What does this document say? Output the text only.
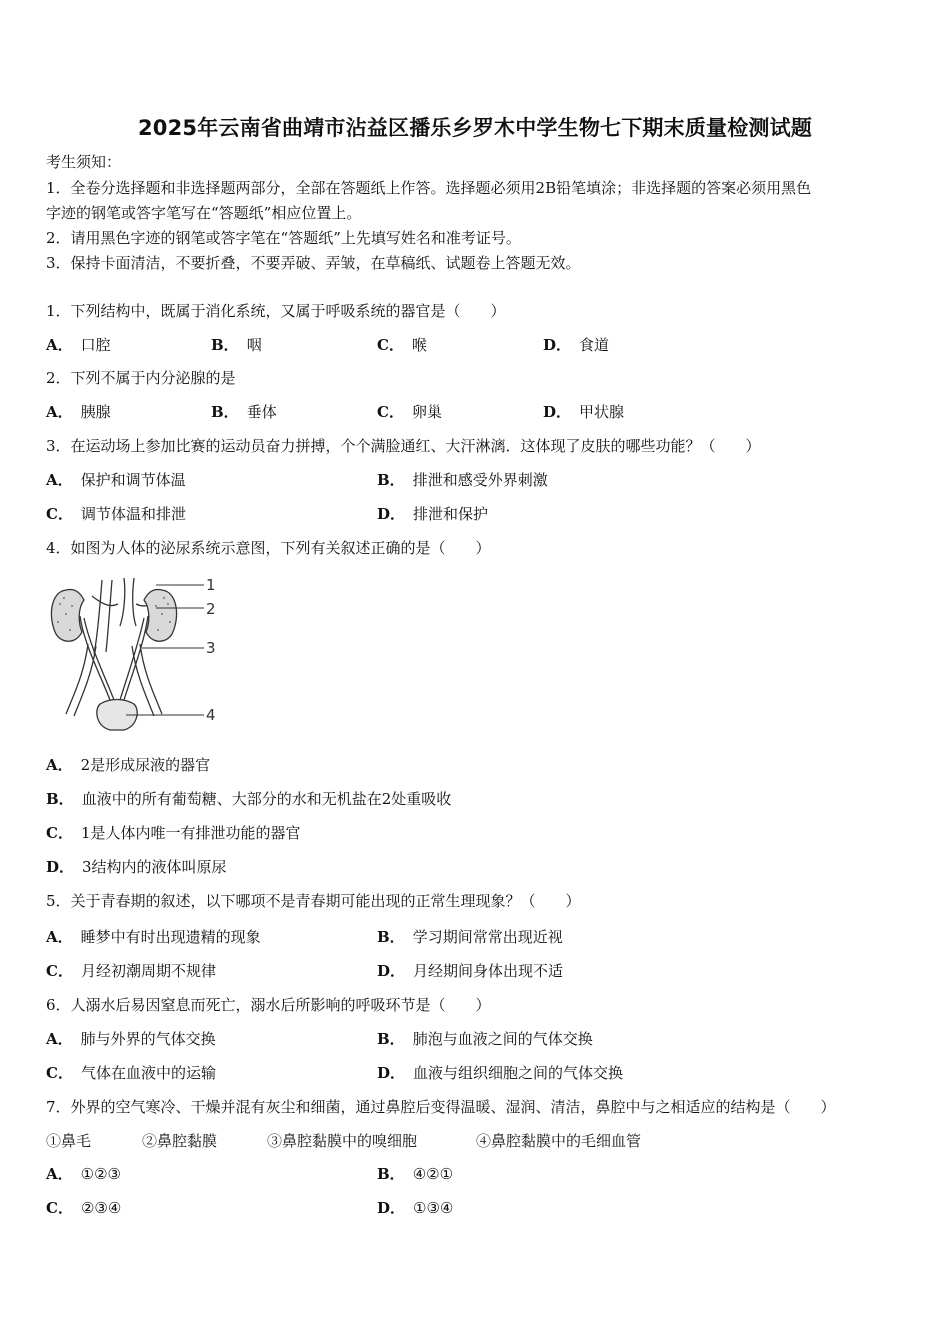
2025年云南省曲靖市沾益区播乐乡罗木中学生物七下期末质量检测试题
考生须知：
1．全卷分选择题和非选择题两部分，全部在答题纸上作答。选择题必须用2B铅笔填涂；非选择题的答案必须用黑色
字迹的钢笔或答字笔写在“答题纸”相应位置上。
2．请用黑色字迹的钢笔或答字笔在“答题纸”上先填写姓名和准考证号。
3．保持卡面清洁，不要折叠，不要弄破、弄皱，在草稿纸、试题卷上答题无效。
1．下列结构中，既属于消化系统，又属于呼吸系统的器官是（　　）
A． 口腔	B． 咽	C． 喉	D． 食道
2．下列不属于内分泌腺的是
A． 胰腺	B． 垂体	C． 卵巢	D． 甲状腺
3．在运动场上参加比赛的运动员奋力拼搏，个个满脸通红、大汗淋漓．这体现了皮肤的哪些功能？（　　）
A． 保护和调节体温	B． 排泄和感受外界刺激
C． 调节体温和排泄	D． 排泄和保护
4．如图为人体的泌尿系统示意图，下列有关叙述正确的是（　　）
1
2
3
4
A． 2是形成尿液的器官
B． 血液中的所有葡萄糖、大部分的水和无机盐在2处重吸收
C． 1是人体内唯一有排泄功能的器官
D． 3结构内的液体叫原尿
5．关于青春期的叙述，以下哪项不是青春期可能出现的正常生理现象？（　　）
A． 睡梦中有时出现遗精的现象	B． 学习期间常常出现近视
C． 月经初潮周期不规律	D． 月经期间身体出现不适
6．人溺水后易因窒息而死亡，溺水后所影响的呼吸环节是（　　）
A． 肺与外界的气体交换	B． 肺泡与血液之间的气体交换
C． 气体在血液中的运输	D． 血液与组织细胞之间的气体交换
7．外界的空气寒冷、干燥并混有灰尘和细菌，通过鼻腔后变得温暖、湿润、清洁，鼻腔中与之相适应的结构是（　　）
①鼻毛	②鼻腔黏膜	③鼻腔黏膜中的嗅细胞	④鼻腔黏膜中的毛细血管
A． ①②③	B． ④②①
C． ②③④	D． ①③④
